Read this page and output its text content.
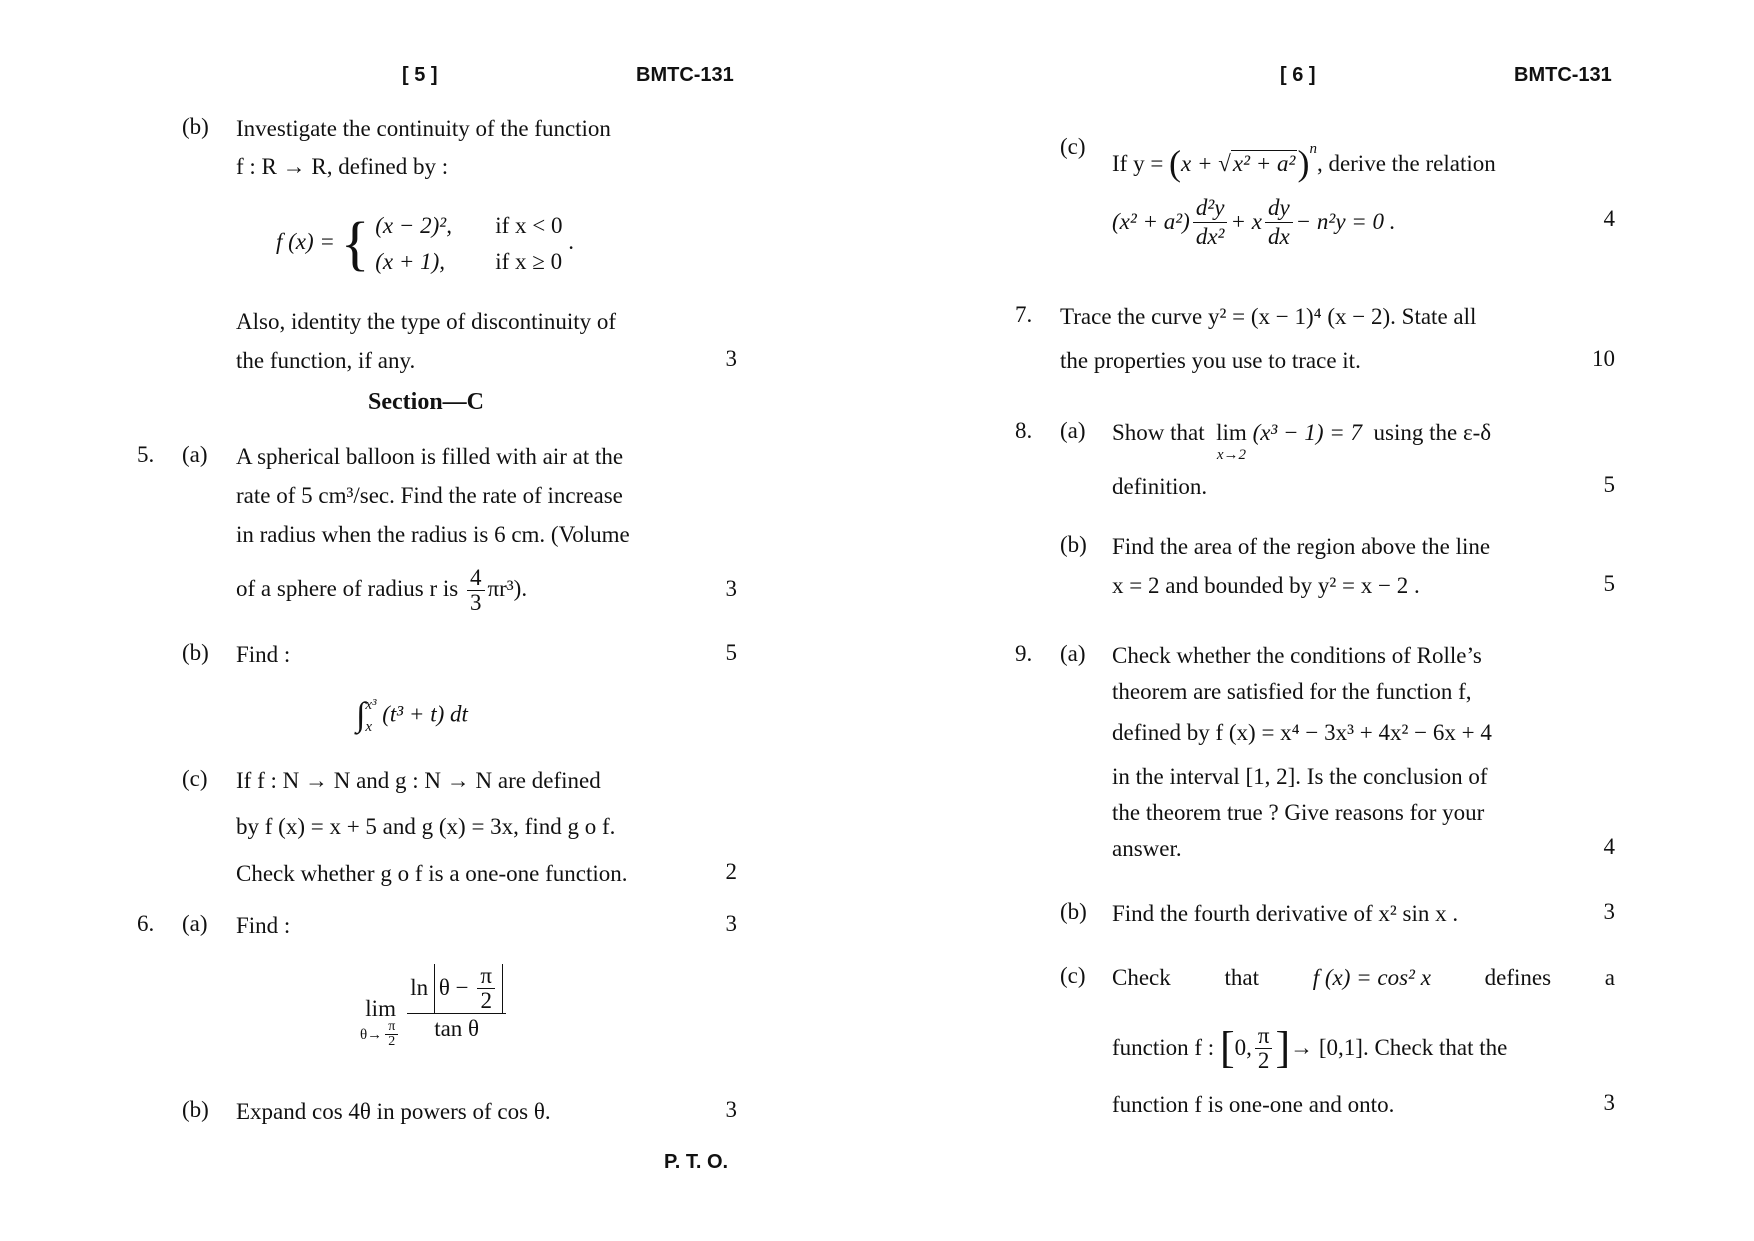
[ 5 ]	BMTC-131
(b) Investigate the continuity of the function
f : R → R, defined by :
f (x) = { (x − 2)², if x < 0
(x + 1), if x ≥ 0
.
Also, identity the type of discontinuity of
the function, if any.	3
Section—C
5. (a) A spherical balloon is filled with air at the
rate of 5 cm³/sec. Find the rate of increase
in radius when the radius is 6 cm. (Volume
of a sphere of radius r is $\frac{4}{3} \pi r^3$).	3
(b) Find :	5
∫ x³
x
(t³ + t) dt
(c) If f : N → N and g : N → N are defined
by f (x) = x + 5 and g (x) = 3x, find g o f.
Check whether g o f is a one-one function.	2
6. (a) Find :	3
lim
$\theta\to \frac{\pi}{2}$ ln
θ −
$\frac{\pi}{2}$
tan θ
(b) Expand cos 4θ in powers of cos θ.	3
P. T. O.
[ 6 ]	BMTC-131
(c)
If $y = (x + √x^2 + a^2)^n$, derive the relation
$(x^2 + a^2) \frac{\text{d²y}}{\text{dx²}} + x \frac{dy}{dx} - n^2y = 0$ .	4
7. Trace the curve y² = (x − 1)⁴ (x − 2). State all
the properties you use to trace it.	10
8. (a) Show that
lim
x→2

(x³ − 1) = 7
using the ε-δ
definition.	5
(b) Find the area of the region above the line
x = 2 and bounded by y² = x − 2 .	5
9. (a) Check whether the conditions of Rolle’s
theorem are satisfied for the function f,
defined by f (x) = x⁴ − 3x³ + 4x² − 6x + 4
in the interval [1, 2]. Is the conclusion of
the theorem true ? Give reasons for your
answer.	4
(b) Find the fourth derivative of x² sin x .	3
(c) Check that f (x) = cos² x defines a
function f :
[ 0, $\frac{\pi}{2}$ ] → [0,1]. Check that the
function f is one-one and onto.	3
